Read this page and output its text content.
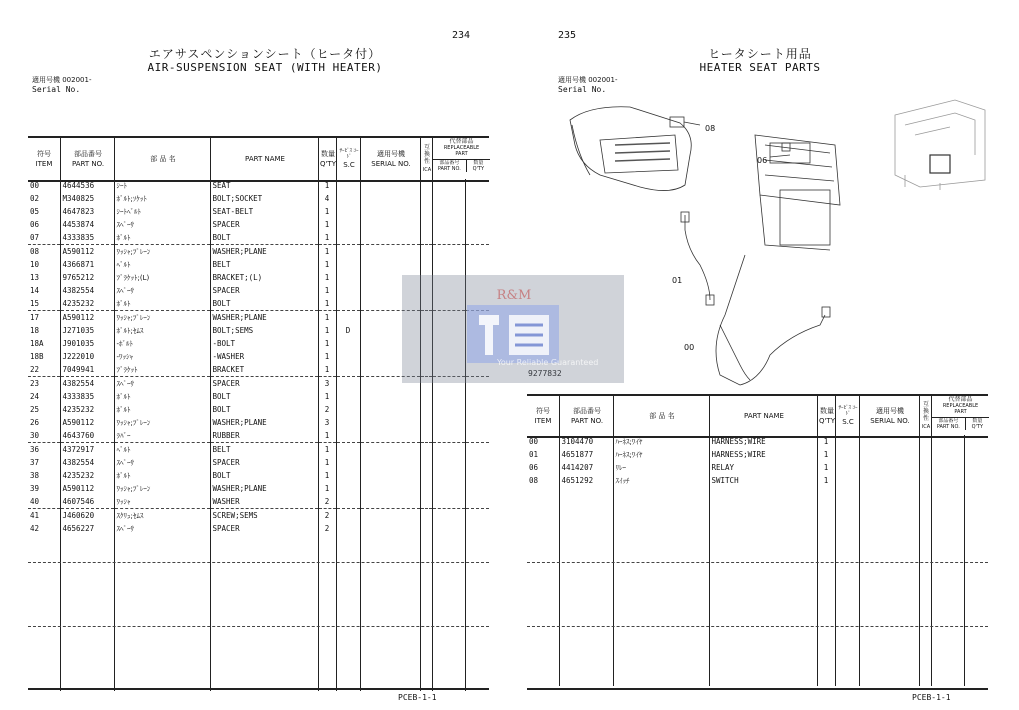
234
エアサスペンションシート（ヒータ付）
AIR-SUSPENSION SEAT (WITH HEATER)
適用号機 002001-
Serial No.
符号
ITEM
部品番号
PART NO.
部 品 名	PART NAME
数量
Q'TY
ｻｰﾋﾞｽ ｺｰﾄﾞ
S.C
適用号機
SERIAL NO.
互換性
ICA
代替部品
REPLACEABLE PART
部品番号
PART NO.
数量
Q'TY
00	4644536	ｼｰﾄ	SEAT	1					
02	M340825	ﾎﾞﾙﾄ;ｿｹｯﾄ	BOLT;SOCKET	4					
05	4647823	ｼｰﾄﾍﾞﾙﾄ	SEAT-BELT	1					
06	4453874	ｽﾍﾟｰｻ	SPACER	1					
07	4333835	ﾎﾞﾙﾄ	BOLT	1					
08	A590112	ﾜｯｼｬ;ﾌﾟﾚｰﾝ	WASHER;PLANE	1					
10	4366871	ﾍﾞﾙﾄ	BELT	1					
13	9765212	ﾌﾞﾗｹｯﾄ;(L)	BRACKET;(L)	1					
14	4382554	ｽﾍﾟｰｻ	SPACER	1					
15	4235232	ﾎﾞﾙﾄ	BOLT	1					
17	A590112	ﾜｯｼｬ;ﾌﾟﾚｰﾝ	WASHER;PLANE	1					
18	J271035	ﾎﾞﾙﾄ;ｾﾑｽ	BOLT;SEMS	1	D				
18A	J901035	-ﾎﾞﾙﾄ	-BOLT	1					
18B	J222010	-ﾜｯｼｬ	-WASHER	1					
22	7049941	ﾌﾞﾗｹｯﾄ	BRACKET	1					
23	4382554	ｽﾍﾟｰｻ	SPACER	3					
24	4333835	ﾎﾞﾙﾄ	BOLT	1					
25	4235232	ﾎﾞﾙﾄ	BOLT	2					
26	A590112	ﾜｯｼｬ;ﾌﾟﾚｰﾝ	WASHER;PLANE	3					
30	4643760	ﾗﾊﾞｰ	RUBBER	1					
36	4372917	ﾍﾞﾙﾄ	BELT	1					
37	4382554	ｽﾍﾟｰｻ	SPACER	1					
38	4235232	ﾎﾞﾙﾄ	BOLT	1					
39	A590112	ﾜｯｼｬ;ﾌﾟﾚｰﾝ	WASHER;PLANE	1					
40	4607546	ﾜｯｼｬ	WASHER	2					
41	J460620	ｽｸﾘｭ;ｾﾑｽ	SCREW;SEMS	2					
42	4656227	ｽﾍﾟｰｻ	SPACER	2					

PCEB-1-1
235
ヒータシート用品
HEATER SEAT PARTS
適用号機 002001-
Serial No.
08
06
01
00
9277832
符号
ITEM
部品番号
PART NO.
部 品 名	PART NAME
数量
Q'TY
ｻｰﾋﾞｽ ｺｰﾄﾞ
S.C
適用号機
SERIAL NO.
互換性
ICA
代替部品
REPLACEABLE PART
部品番号
PART NO.
数量
Q'TY
00	3104470	ﾊｰﾈｽ;ﾜｲﾔ	HARNESS;WIRE	1					
01	4651877	ﾊｰﾈｽ;ﾜｲﾔ	HARNESS;WIRE	1					
06	4414207	ﾘﾚｰ	RELAY	1					
08	4651292	ｽｲｯﾁ	SWITCH	1					

PCEB-1-1
R&M
Your Reliable Guaranteed
